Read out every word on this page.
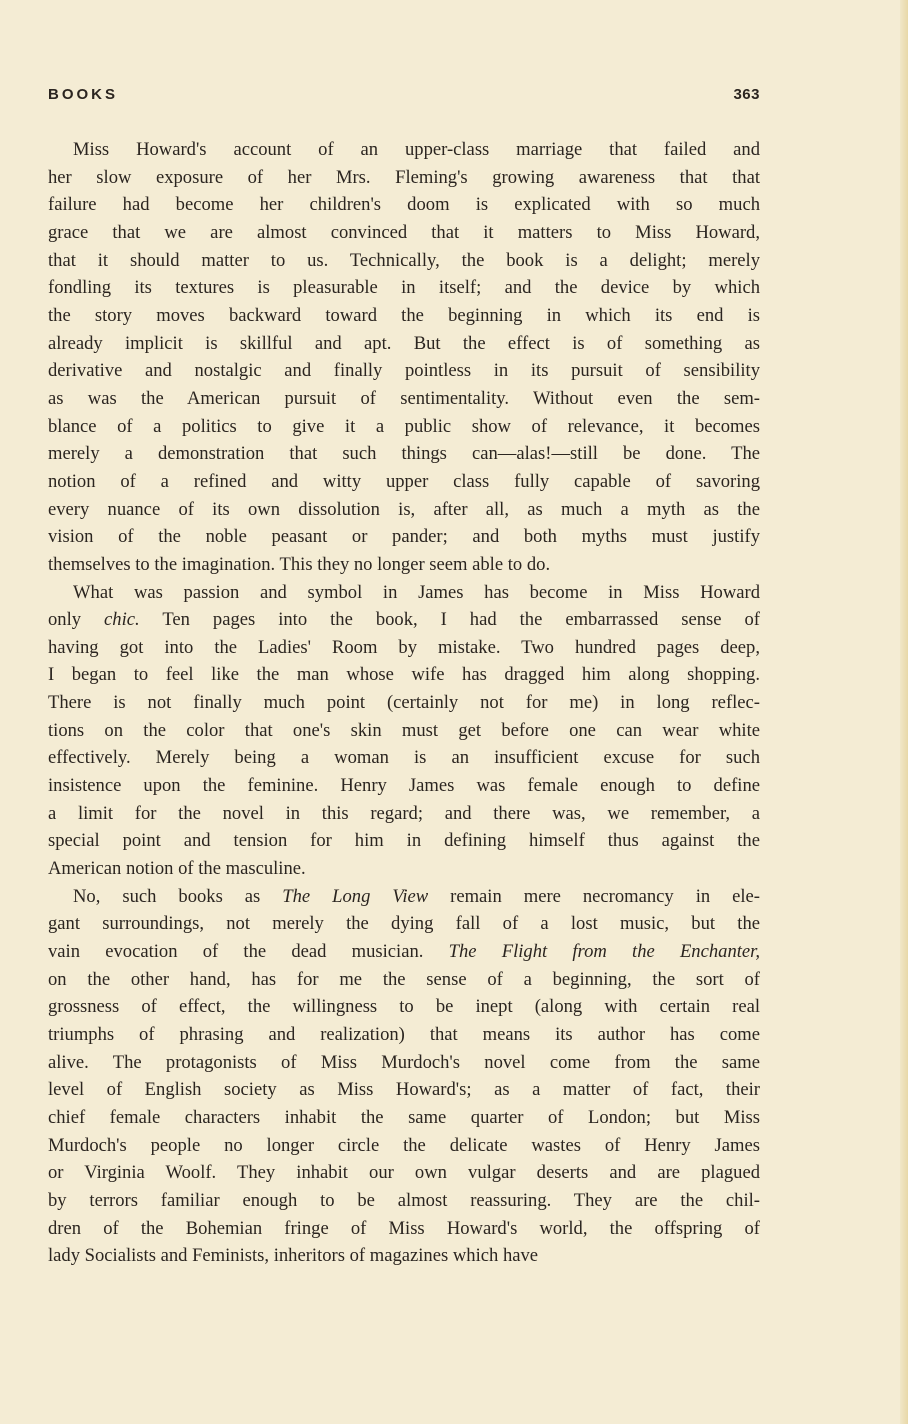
BOOKS	363
Miss Howard's account of an upper-class marriage that failed and
her slow exposure of her Mrs. Fleming's growing awareness that that
failure had become her children's doom is explicated with so much
grace that we are almost convinced that it matters to Miss Howard,
that it should matter to us. Technically, the book is a delight; merely
fondling its textures is pleasurable in itself; and the device by which
the story moves backward toward the beginning in which its end is
already implicit is skillful and apt. But the effect is of something as
derivative and nostalgic and finally pointless in its pursuit of sensibility
as was the American pursuit of sentimentality. Without even the sem-
blance of a politics to give it a public show of relevance, it becomes
merely a demonstration that such things can—alas!—still be done. The
notion of a refined and witty upper class fully capable of savoring
every nuance of its own dissolution is, after all, as much a myth as the
vision of the noble peasant or pander; and both myths must justify
themselves to the imagination. This they no longer seem able to do.
What was passion and symbol in James has become in Miss Howard
only chic. Ten pages into the book, I had the embarrassed sense of
having got into the Ladies' Room by mistake. Two hundred pages deep,
I began to feel like the man whose wife has dragged him along shopping.
There is not finally much point (certainly not for me) in long reflec-
tions on the color that one's skin must get before one can wear white
effectively. Merely being a woman is an insufficient excuse for such
insistence upon the feminine. Henry James was female enough to define
a limit for the novel in this regard; and there was, we remember, a
special point and tension for him in defining himself thus against the
American notion of the masculine.
No, such books as The Long View remain mere necromancy in ele-
gant surroundings, not merely the dying fall of a lost music, but the
vain evocation of the dead musician. The Flight from the Enchanter,
on the other hand, has for me the sense of a beginning, the sort of
grossness of effect, the willingness to be inept (along with certain real
triumphs of phrasing and realization) that means its author has come
alive. The protagonists of Miss Murdoch's novel come from the same
level of English society as Miss Howard's; as a matter of fact, their
chief female characters inhabit the same quarter of London; but Miss
Murdoch's people no longer circle the delicate wastes of Henry James
or Virginia Woolf. They inhabit our own vulgar deserts and are plagued
by terrors familiar enough to be almost reassuring. They are the chil-
dren of the Bohemian fringe of Miss Howard's world, the offspring of
lady Socialists and Feminists, inheritors of magazines which have
